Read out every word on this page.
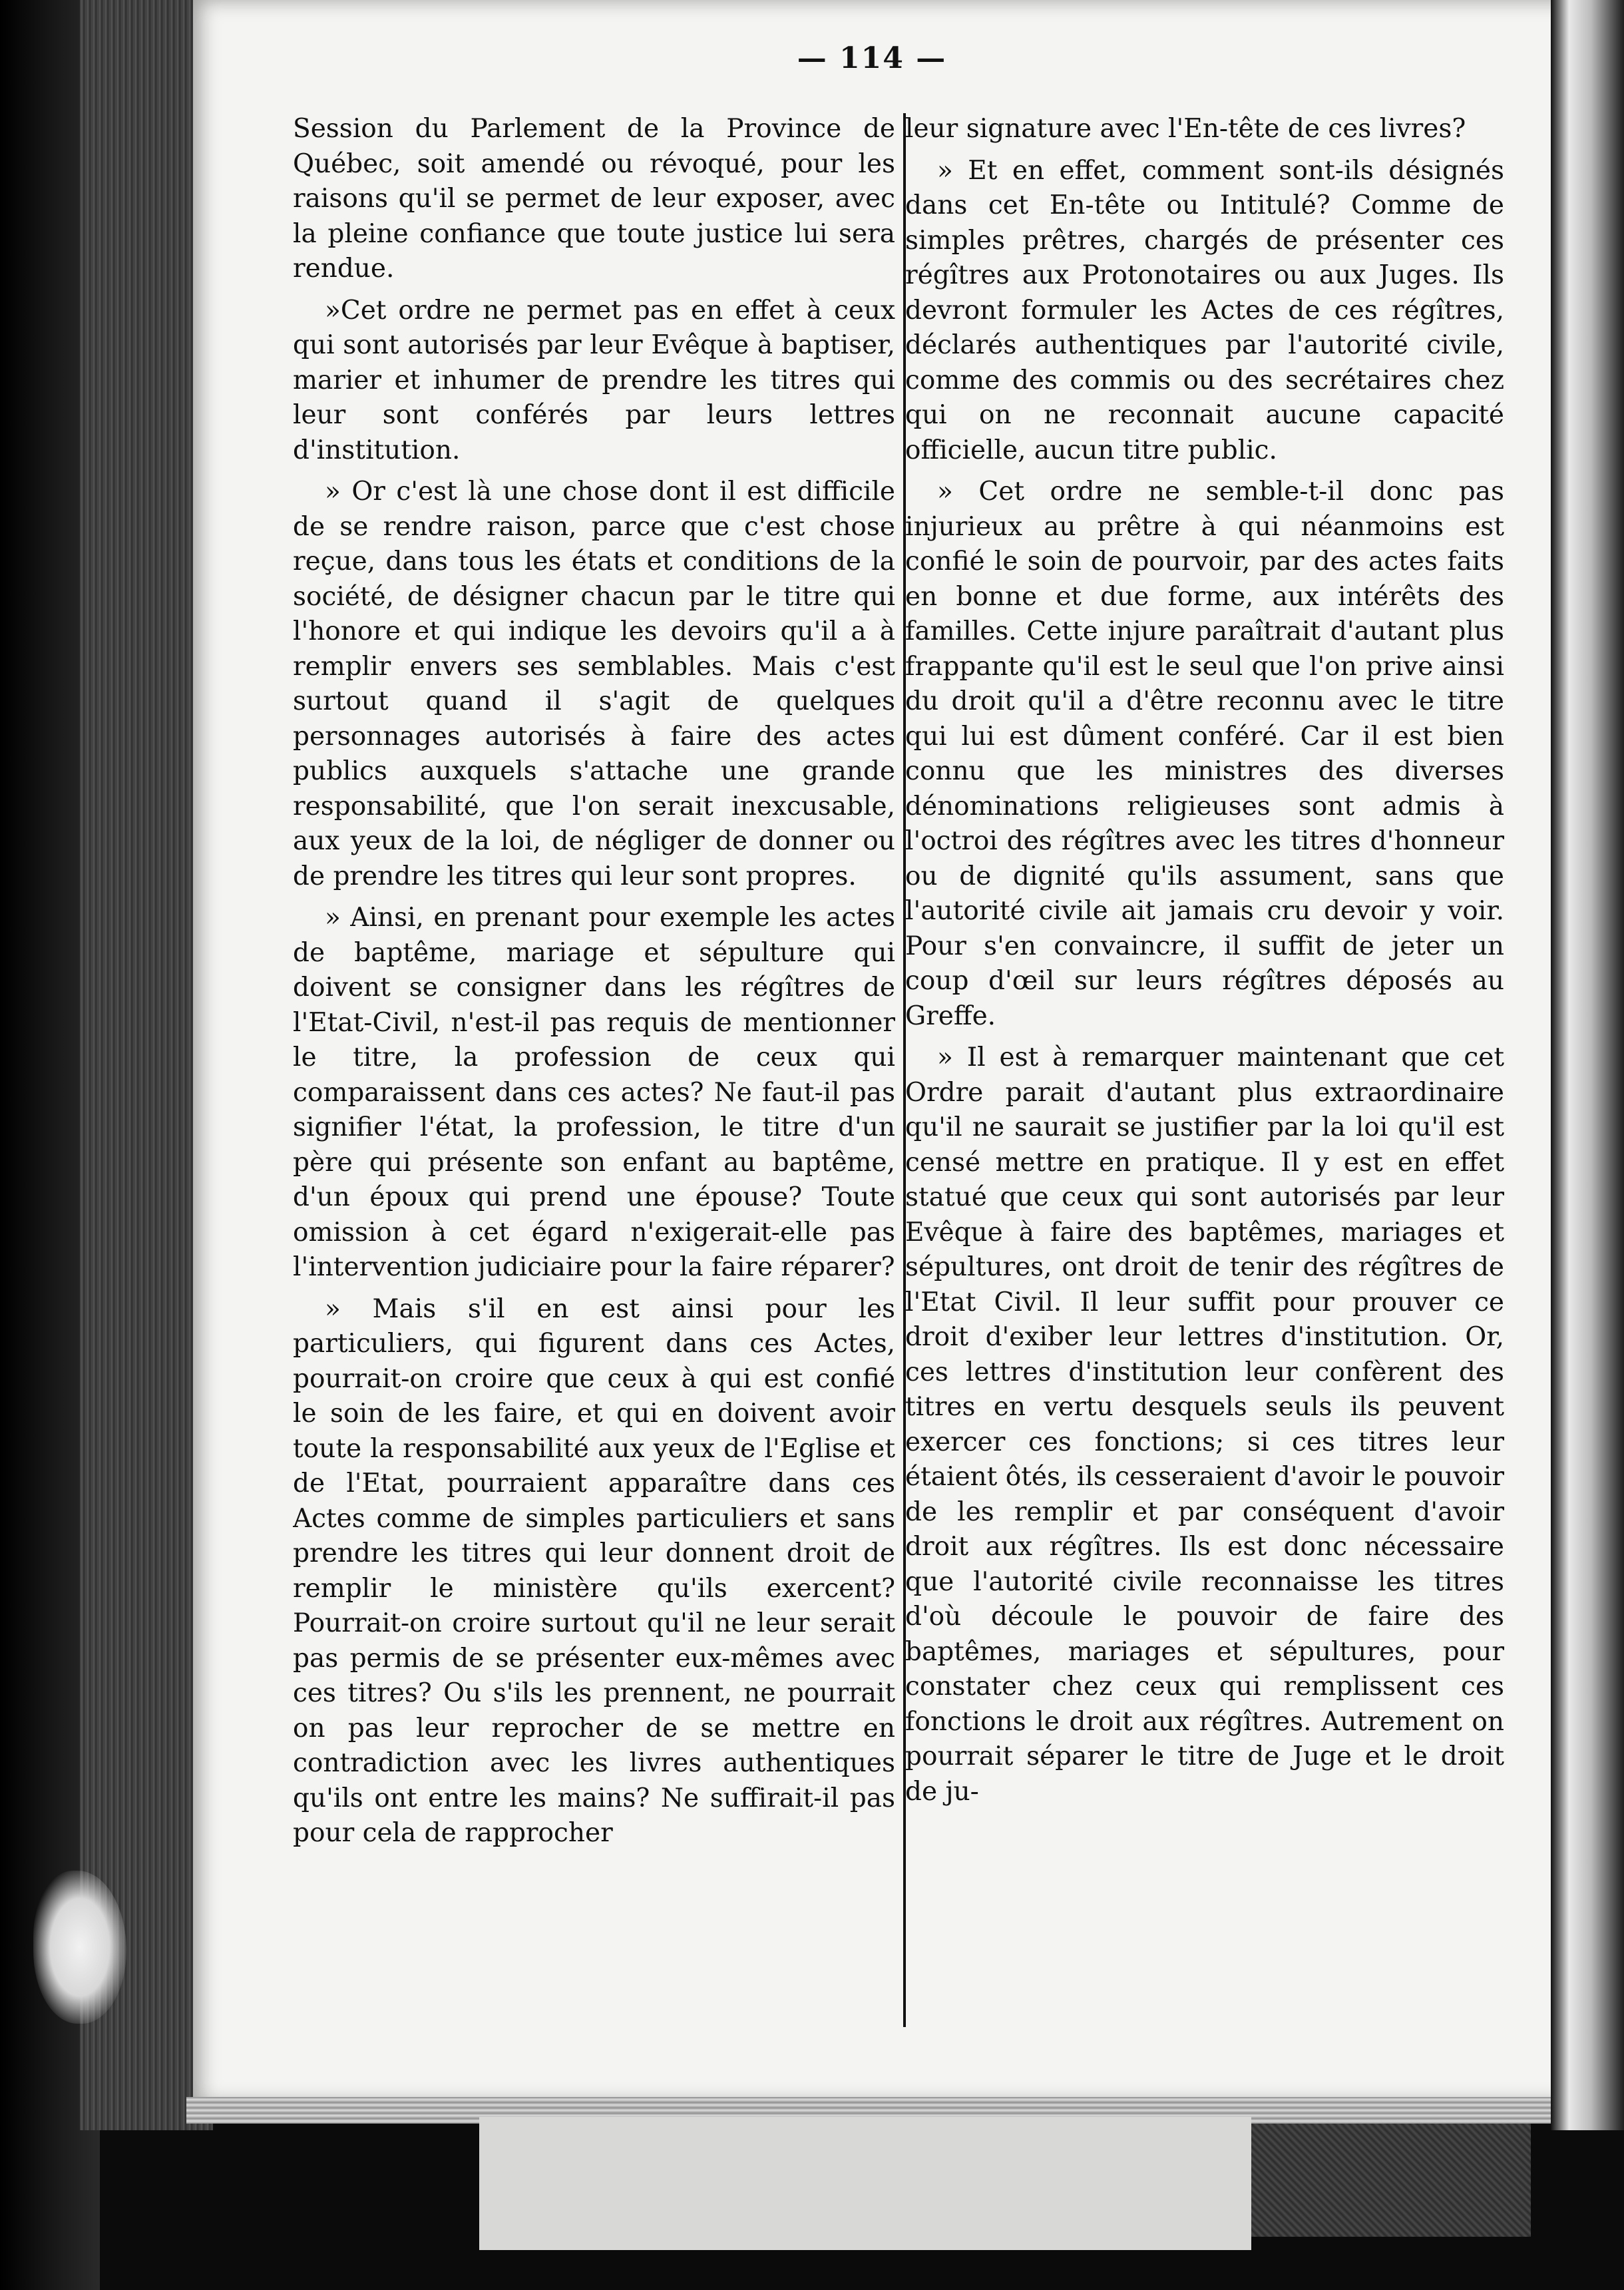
— 114 —

Session du Parlement de la Province de Québec, soit amendé ou révoqué, pour les raisons qu'il se permet de leur exposer, avec la pleine confiance que toute justice lui sera rendue.

»Cet ordre ne permet pas en effet à ceux qui sont autorisés par leur Evêque à baptiser, marier et inhumer de prendre les titres qui leur sont conférés par leurs lettres d'institution.

» Or c'est là une chose dont il est difficile de se rendre raison, parce que c'est chose reçue, dans tous les états et conditions de la société, de désigner chacun par le titre qui l'honore et qui indique les devoirs qu'il a à remplir envers ses semblables. Mais c'est surtout quand il s'agit de quelques personnages autorisés à faire des actes publics auxquels s'attache une grande responsabilité, que l'on serait inexcusable, aux yeux de la loi, de négliger de donner ou de prendre les titres qui leur sont propres.

» Ainsi, en prenant pour exemple les actes de baptême, mariage et sépulture qui doivent se consigner dans les régîtres de l'Etat-Civil, n'est-il pas requis de mentionner le titre, la profession de ceux qui comparaissent dans ces actes? Ne faut-il pas signifier l'état, la profession, le titre d'un père qui présente son enfant au baptême, d'un époux qui prend une épouse? Toute omission à cet égard n'exigerait-elle pas l'intervention judiciaire pour la faire réparer?

» Mais s'il en est ainsi pour les particuliers, qui figurent dans ces Actes, pourrait-on croire que ceux à qui est confié le soin de les faire, et qui en doivent avoir toute la responsabilité aux yeux de l'Eglise et de l'Etat, pourraient apparaître dans ces Actes comme de simples particuliers et sans prendre les titres qui leur donnent droit de remplir le ministère qu'ils exercent? Pourrait-on croire surtout qu'il ne leur serait pas permis de se présenter eux-mêmes avec ces titres? Ou s'ils les prennent, ne pourrait on pas leur reprocher de se mettre en contradiction avec les livres authentiques qu'ils ont entre les mains? Ne suffirait-il pas pour cela de rapprocher

leur signature avec l'En-tête de ces livres?

» Et en effet, comment sont-ils désignés dans cet En-tête ou Intitulé? Comme de simples prêtres, chargés de présenter ces régîtres aux Protonotaires ou aux Juges. Ils devront formuler les Actes de ces régîtres, déclarés authentiques par l'autorité civile, comme des commis ou des secrétaires chez qui on ne reconnait aucune capacité officielle, aucun titre public.

» Cet ordre ne semble-t-il donc pas injurieux au prêtre à qui néanmoins est confié le soin de pourvoir, par des actes faits en bonne et due forme, aux intérêts des familles. Cette injure paraîtrait d'autant plus frappante qu'il est le seul que l'on prive ainsi du droit qu'il a d'être reconnu avec le titre qui lui est dûment conféré. Car il est bien connu que les ministres des diverses dénominations religieuses sont admis à l'octroi des régîtres avec les titres d'honneur ou de dignité qu'ils assument, sans que l'autorité civile ait jamais cru devoir y voir. Pour s'en convaincre, il suffit de jeter un coup d'œil sur leurs régîtres déposés au Greffe.

» Il est à remarquer maintenant que cet Ordre parait d'autant plus extraordinaire qu'il ne saurait se justifier par la loi qu'il est censé mettre en pratique. Il y est en effet statué que ceux qui sont autorisés par leur Evêque à faire des baptêmes, mariages et sépultures, ont droit de tenir des régîtres de l'Etat Civil. Il leur suffit pour prouver ce droit d'exiber leur lettres d'institution. Or, ces lettres d'institution leur confèrent des titres en vertu desquels seuls ils peuvent exercer ces fonctions; si ces titres leur étaient ôtés, ils cesseraient d'avoir le pouvoir de les remplir et par conséquent d'avoir droit aux régîtres. Ils est donc nécessaire que l'autorité civile reconnaisse les titres d'où découle le pouvoir de faire des baptêmes, mariages et sépultures, pour constater chez ceux qui remplissent ces fonctions le droit aux régîtres. Autrement on pourrait séparer le titre de Juge et le droit de ju-
